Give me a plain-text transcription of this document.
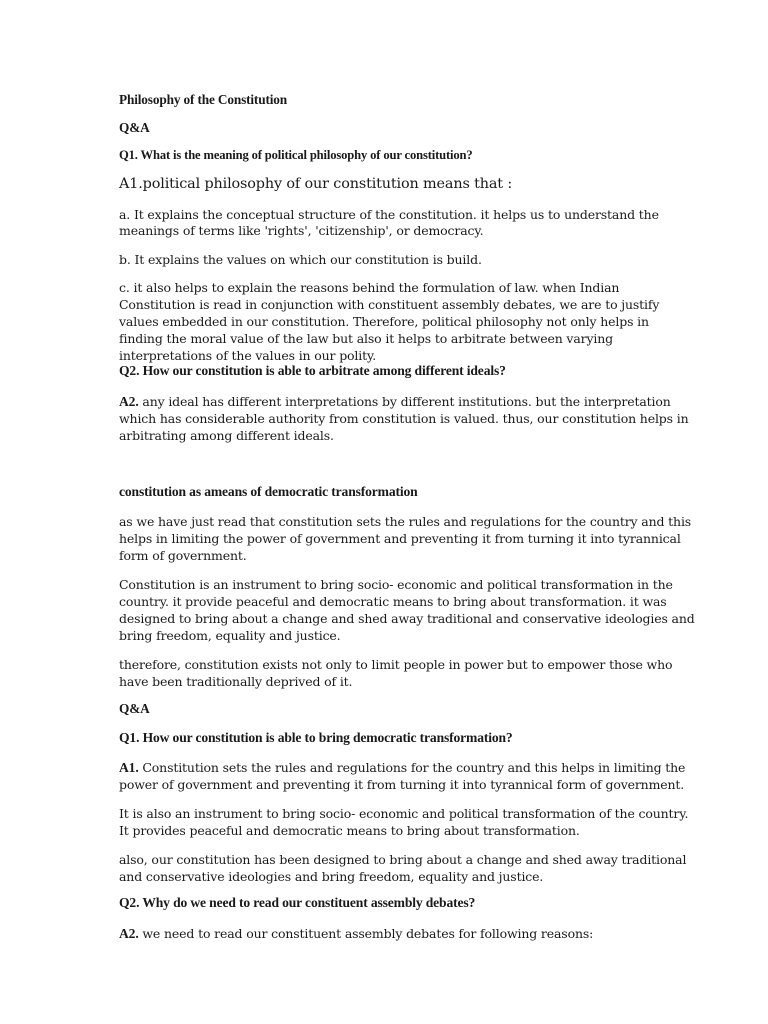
Philosophy of the Constitution

Q&A

Q1. What is the meaning of political philosophy of our constitution?

A1.political philosophy of our constitution means that :

a. It explains the conceptual structure of the constitution. it helps us to understand the

meanings of terms like 'rights', 'citizenship', or democracy.

b. It explains the values on which our constitution is build.

c. it also helps to explain the reasons behind the formulation of law. when Indian

Constitution is read in conjunction with constituent assembly debates, we are to justify

values embedded in our constitution. Therefore, political philosophy not only helps in

finding the moral value of the law but also it helps to arbitrate between varying

interpretations of the values in our polity.

Q2. How our constitution is able to arbitrate among different ideals?

A2. any ideal has different interpretations by different institutions. but the interpretation

which has considerable authority from constitution is valued. thus, our constitution helps in

arbitrating among different ideals.

constitution as ameans of democratic transformation

as we have just read that constitution sets the rules and regulations for the country and this

helps in limiting the power of government and preventing it from turning it into tyrannical

form of government.

Constitution is an instrument to bring socio- economic and political transformation in the

country. it provide peaceful and democratic means to bring about transformation. it was

designed to bring about a change and shed away traditional and conservative ideologies and

bring freedom, equality and justice.

therefore, constitution exists not only to limit people in power but to empower those who

have been traditionally deprived of it.

Q&A

Q1. How our constitution is able to bring democratic transformation?

A1. Constitution sets the rules and regulations for the country and this helps in limiting the

power of government and preventing it from turning it into tyrannical form of government.

It is also an instrument to bring socio- economic and political transformation of the country.

It provides peaceful and democratic means to bring about transformation.

also, our constitution has been designed to bring about a change and shed away traditional

and conservative ideologies and bring freedom, equality and justice.

Q2. Why do we need to read our constituent assembly debates?

A2. we need to read our constituent assembly debates for following reasons:
